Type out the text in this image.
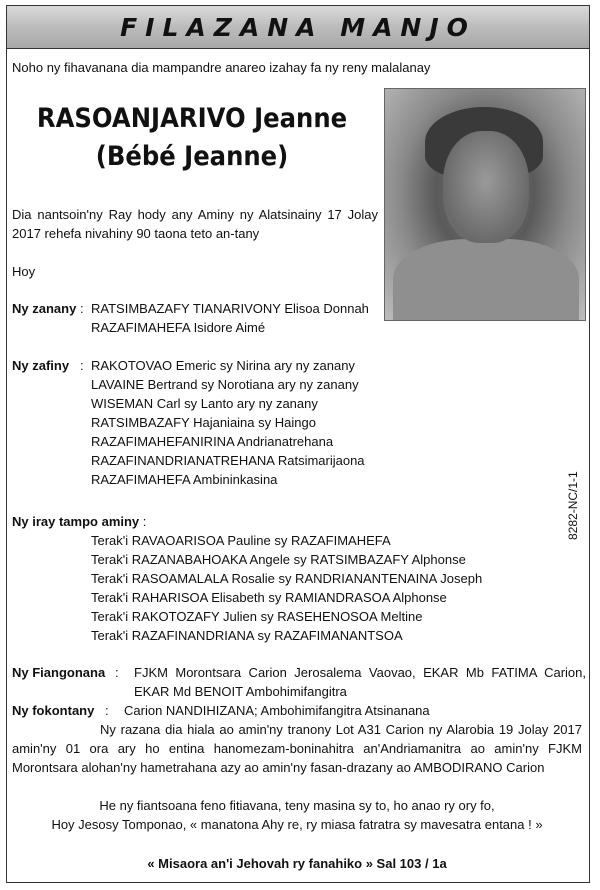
FILAZANA MANJO
Noho ny fihavanana dia mampandre anareo izahay fa ny reny malalanay
RASOANJARIVO Jeanne
(Bébé Jeanne)
Dia nantsoin'ny Ray hody any Aminy ny Alatsinainy 17 Jolay 2017 rehefa nivahiny 90 taona teto an-tany
Hoy
Ny zanany : RATSIMBAZAFY TIANARIVONY Elisoa Donnah
RAZAFIMAHEFA Isidore Aimé
Ny zafiny : RAKOTOVAO Emeric sy Nirina ary ny zanany
LAVAINE Bertrand sy Norotiana ary ny zanany
WISEMAN Carl sy Lanto ary ny zanany
RATSIMBAZAFY Hajaniaina sy Haingo
RAZAFIMAHEFANIRINA Andrianatrehana
RAZAFINANDRIANATREHANA Ratsimarijaona
RAZAFIMAHEFA Ambininkasina	8282-NC/1-1
Ny iray tampo aminy :
Terak'i RAVAOARISOA Pauline sy RAZAFIMAHEFA
Terak'i RAZANABAHOAKA Angele sy RATSIMBAZAFY Alphonse
Terak'i RASOAMALALA Rosalie sy RANDRIANANTENAINA Joseph
Terak'i RAHARISOA Elisabeth sy RAMIANDRASOA Alphonse
Terak'i RAKOTOZAFY Julien sy RASEHENOSOA Meltine
Terak'i RAZAFINANDRIANA sy RAZAFIMANANTSOA
Ny Fiangonana : FJKM Morontsara Carion Jerosalema Vaovao, EKAR Mb FATIMA Carion,
EKAR Md BENOIT Ambohimifangitra
Ny fokontany : Carion NANDIHIZANA; Ambohimifangitra Atsinanana
Ny razana dia hiala ao amin'ny tranony Lot A31 Carion ny Alarobia 19 Jolay 2017 amin'ny 01 ora ary ho entina hanomezam-boninahitra an'Andriamanitra ao amin'ny FJKM Morontsara alohan'ny hametrahana azy ao amin'ny fasan-drazany ao AMBODIRANO Carion
He ny fiantsoana feno fitiavana, teny masina sy to, ho anao ry ory fo,
Hoy Jesosy Tomponao, « manatona Ahy re, ry miasa fatratra sy mavesatra entana ! »
« Misaora an'i Jehovah ry fanahiko » Sal 103 / 1a
